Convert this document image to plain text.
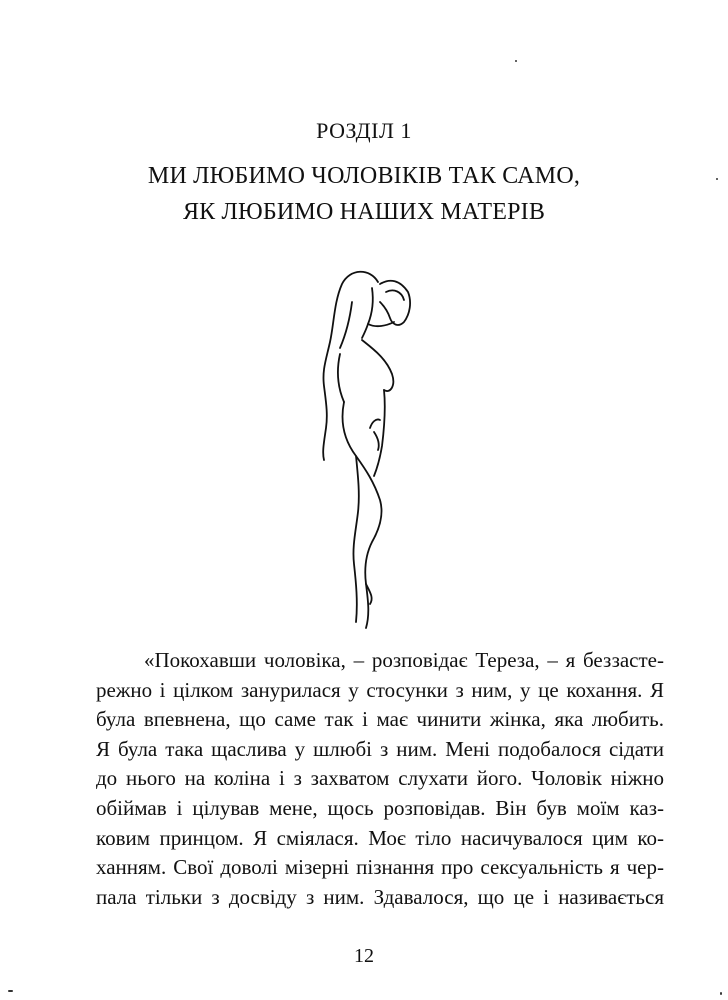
РОЗДІЛ 1
МИ ЛЮБИМО ЧОЛОВІКІВ ТАК САМО,
ЯК ЛЮБИМО НАШИХ МАТЕРІВ
«Покохавши чоловіка, – розповідає Тереза, – я беззасте-
режно і цілком занурилася у стосунки з ним, у це кохання. Я
була впевнена, що саме так і має чинити жінка, яка любить.
Я була така щаслива у шлюбі з ним. Мені подобалося сідати
до нього на коліна і з захватом слухати його. Чоловік ніжно
обіймав і цілував мене, щось розповідав. Він був моїм каз-
ковим принцом. Я сміялася. Моє тіло насичувалося цим ко-
ханням. Свої доволі мізерні пізнання про сексуальність я чер-
пала тільки з досвіду з ним. Здавалося, що це і називається
12
